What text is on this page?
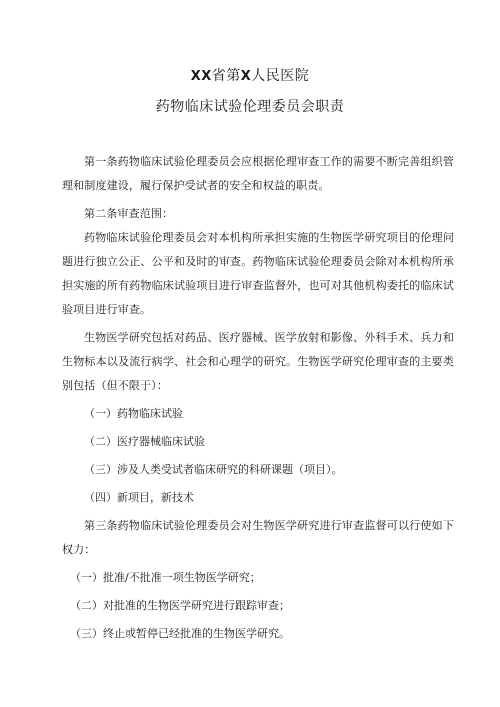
XX省第X人民医院
药物临床试验伦理委员会职责

第一条药物临床试验伦理委员会应根据伦理审查工作的需要不断完善组织管理和制度建设，履行保护受试者的安全和权益的职责。

第二条审查范围：

药物临床试验伦理委员会对本机构所承担实施的生物医学研究项目的伦理问题进行独立公正、公平和及时的审查。药物临床试验伦理委员会除对本机构所承担实施的所有药物临床试验项目进行审查监督外，也可对其他机构委托的临床试验项目进行审查。

生物医学研究包括对药品、医疗器械、医学放射和影像、外科手术、兵力和生物标本以及流行病学、社会和心理学的研究。生物医学研究伦理审查的主要类别包括（但不限于）：

（一）药物临床试验

（二）医疗器械临床试验

（三）涉及人类受试者临床研究的科研课题（项目）。

（四）新项目，新技术

第三条药物临床试验伦理委员会对生物医学研究进行审查监督可以行使如下权力：

（一）批准/不批准一项生物医学研究；

（二）对批准的生物医学研究进行跟踪审查；

（三）终止或暂停已经批准的生物医学研究。
